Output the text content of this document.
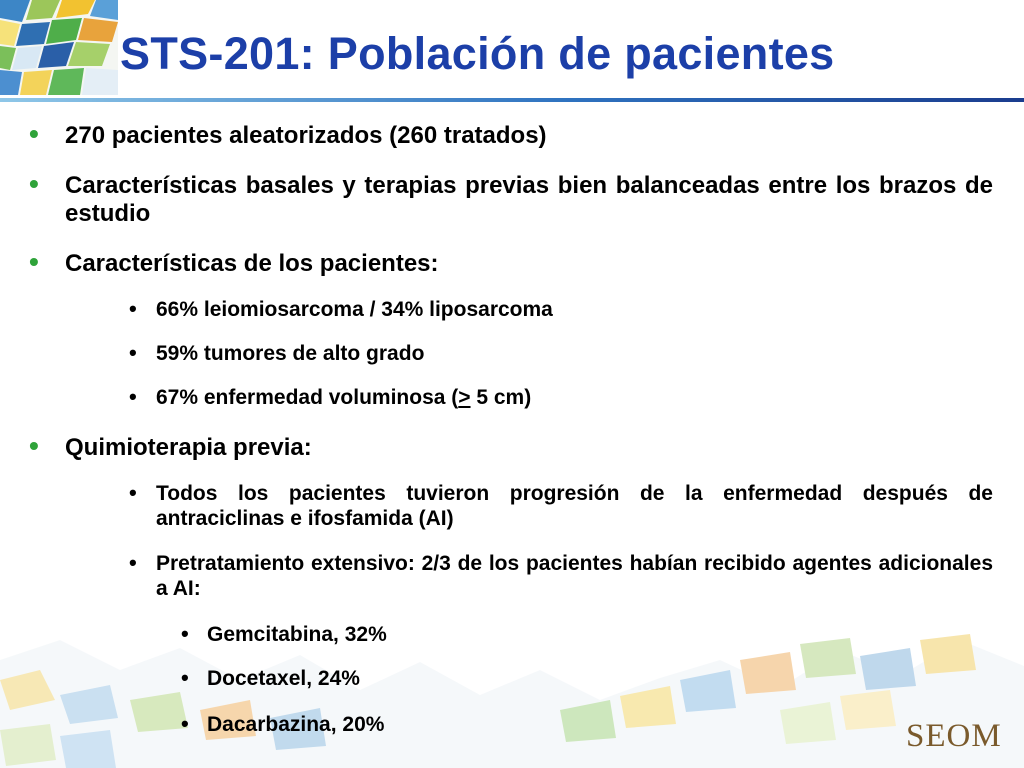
STS-201: Población de pacientes
• 270 pacientes aleatorizados (260 tratados)
• Características basales y terapias previas bien balanceadas entre los brazos de estudio
• Características de los pacientes:
• 66% leiomiosarcoma / 34% liposarcoma
• 59% tumores de alto grado
• 67% enfermedad voluminosa (≥ 5 cm)
• Quimioterapia previa:
• Todos los pacientes tuvieron progresión de la enfermedad después de antraciclinas e ifosfamida (AI)
• Pretratamiento extensivo: 2/3 de los pacientes habían recibido agentes adicionales a AI:
• Gemcitabina, 32%
• Docetaxel, 24%
• Dacarbazina, 20%	SEOM
